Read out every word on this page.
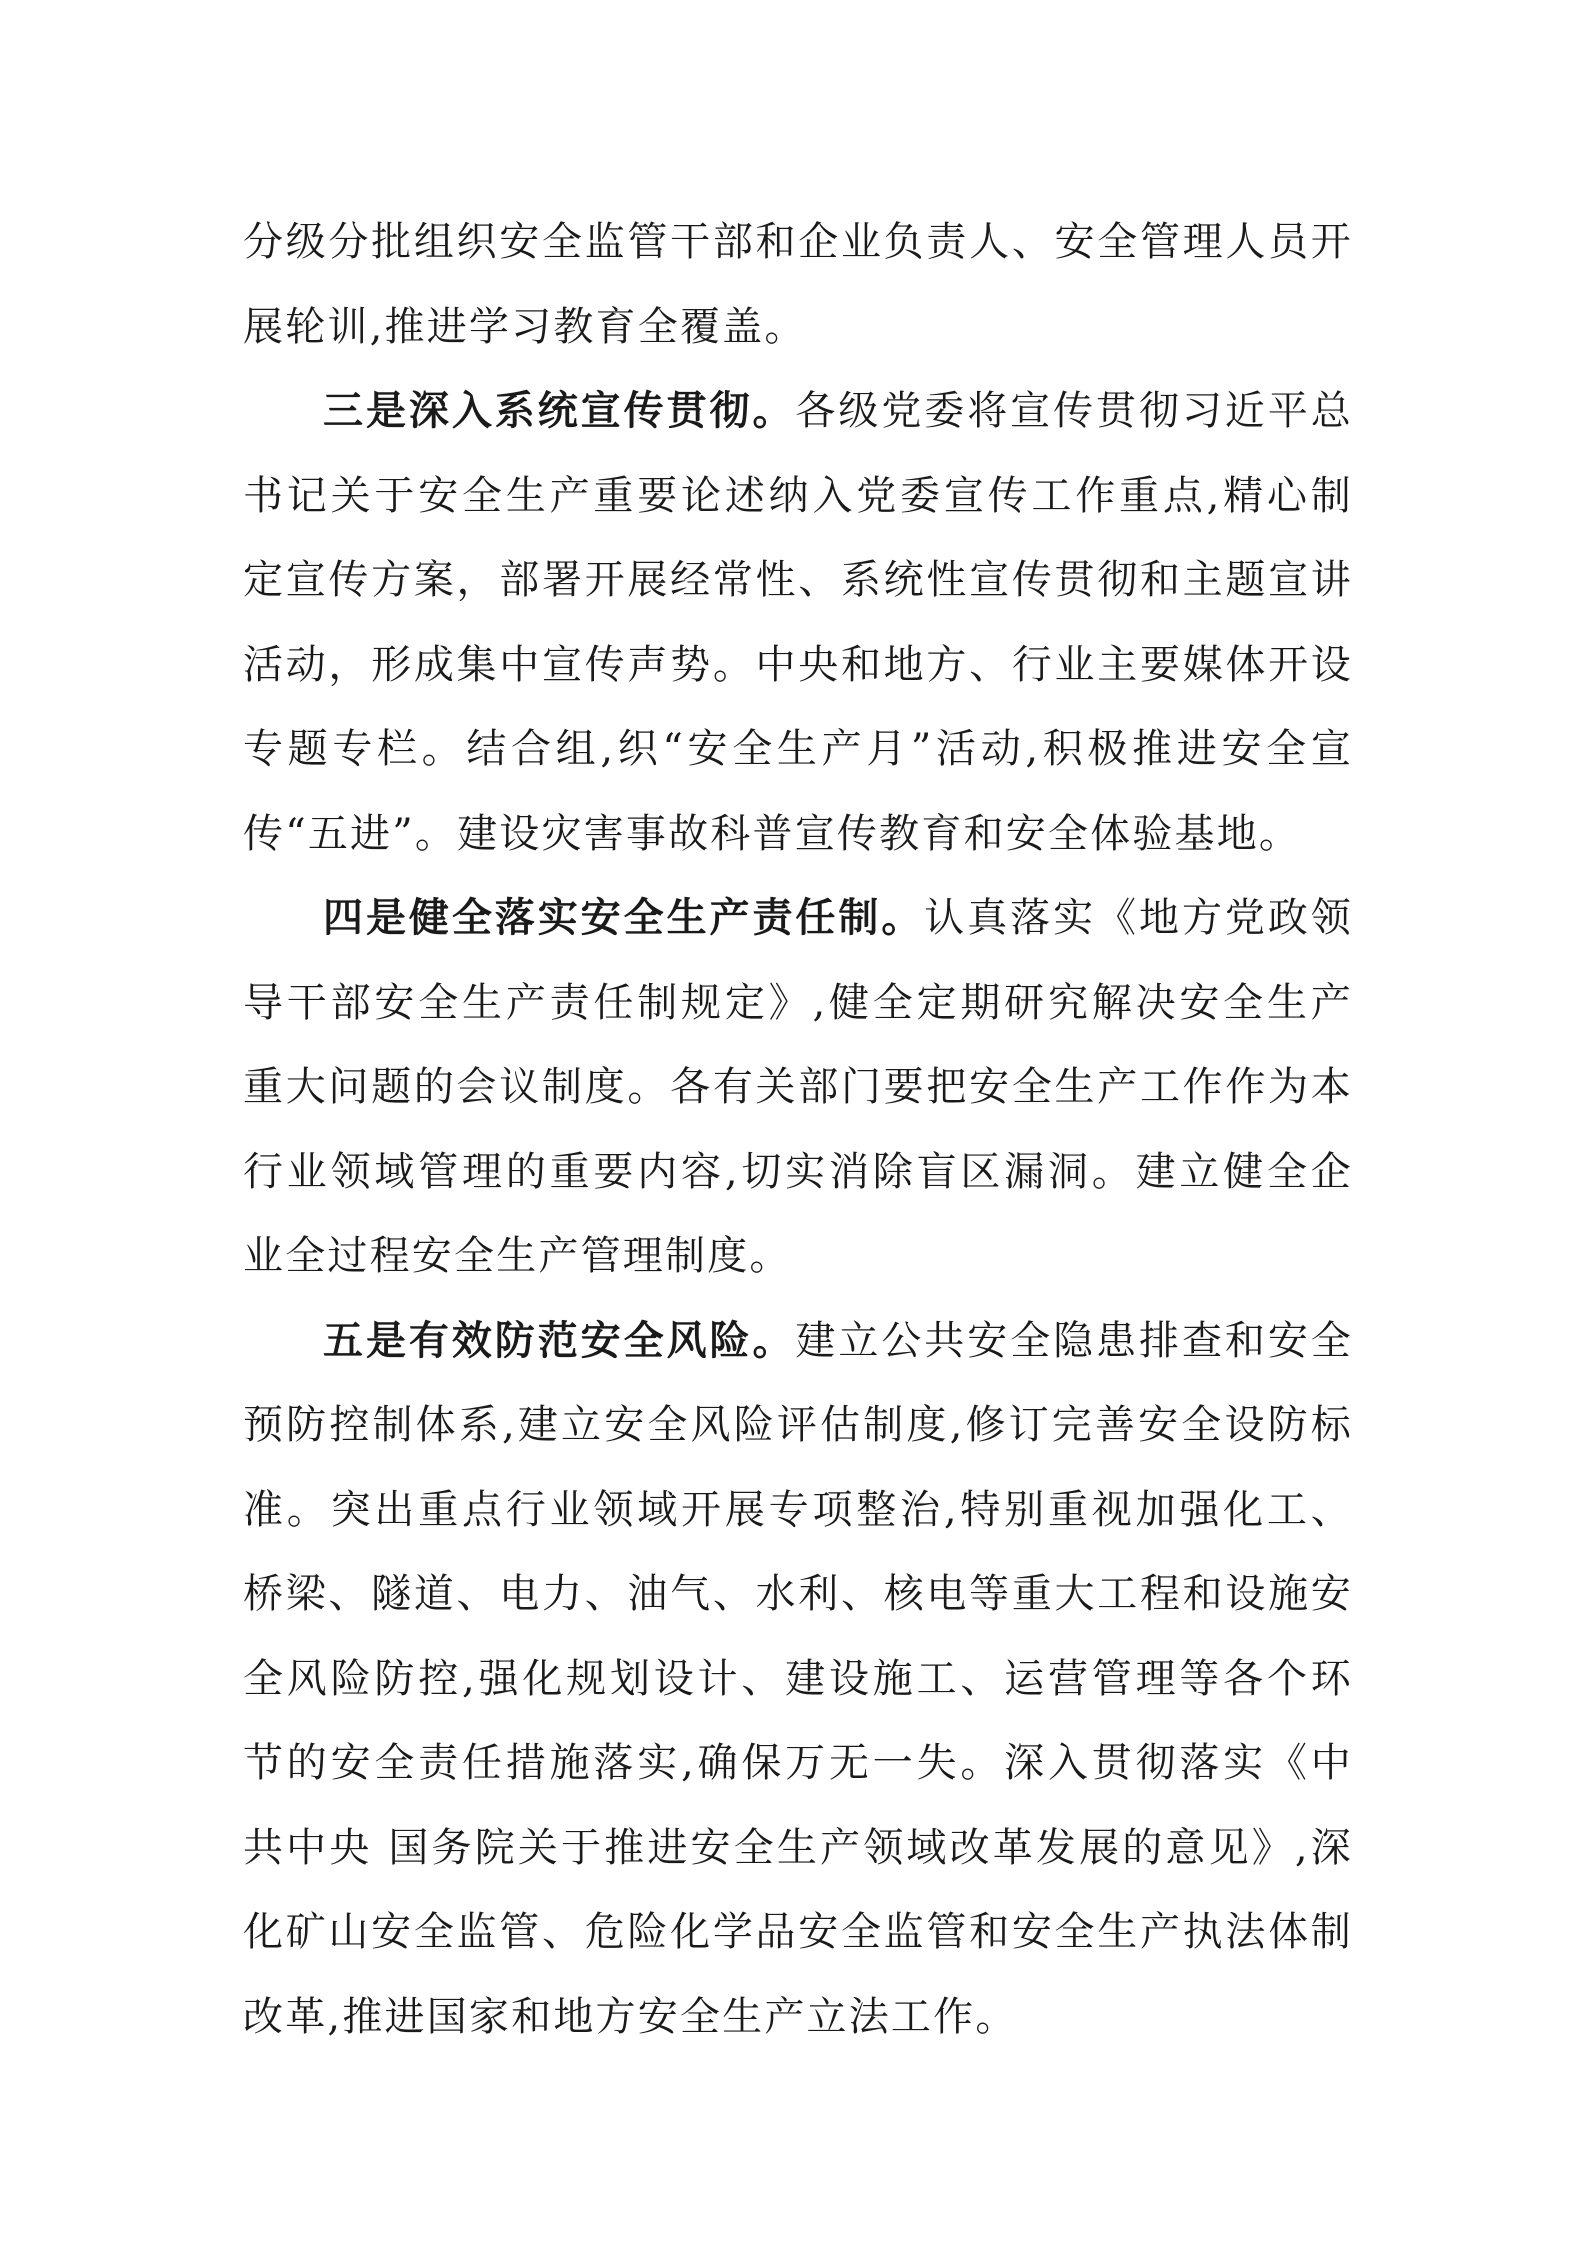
分级分批组织安全监管干部和企业负责人、安全管理人员开展轮训,推进学习教育全覆盖。

三是深入系统宣传贯彻。各级党委将宣传贯彻习近平总书记关于安全生产重要论述纳入党委宣传工作重点,精心制定宣传方案，部署开展经常性、系统性宣传贯彻和主题宣讲活动，形成集中宣传声势。中央和地方、行业主要媒体开设专题专栏。结合组,织“安全生产月”活动,积极推进安全宣传“五进”。建设灾害事故科普宣传教育和安全体验基地。

四是健全落实安全生产责任制。认真落实《地方党政领导干部安全生产责任制规定》,健全定期研究解决安全生产重大问题的会议制度。各有关部门要把安全生产工作作为本行业领域管理的重要内容,切实消除盲区漏洞。建立健全企业全过程安全生产管理制度。

五是有效防范安全风险。建立公共安全隐患排查和安全预防控制体系,建立安全风险评估制度,修订完善安全设防标准。突出重点行业领域开展专项整治,特别重视加强化工、桥梁、隧道、电力、油气、水利、核电等重大工程和设施安全风险防控,强化规划设计、建设施工、运营管理等各个环节的安全责任措施落实,确保万无一失。深入贯彻落实《中共中央 国务院关于推进安全生产领域改革发展的意见》,深化矿山安全监管、危险化学品安全监管和安全生产执法体制改革,推进国家和地方安全生产立法工作。
